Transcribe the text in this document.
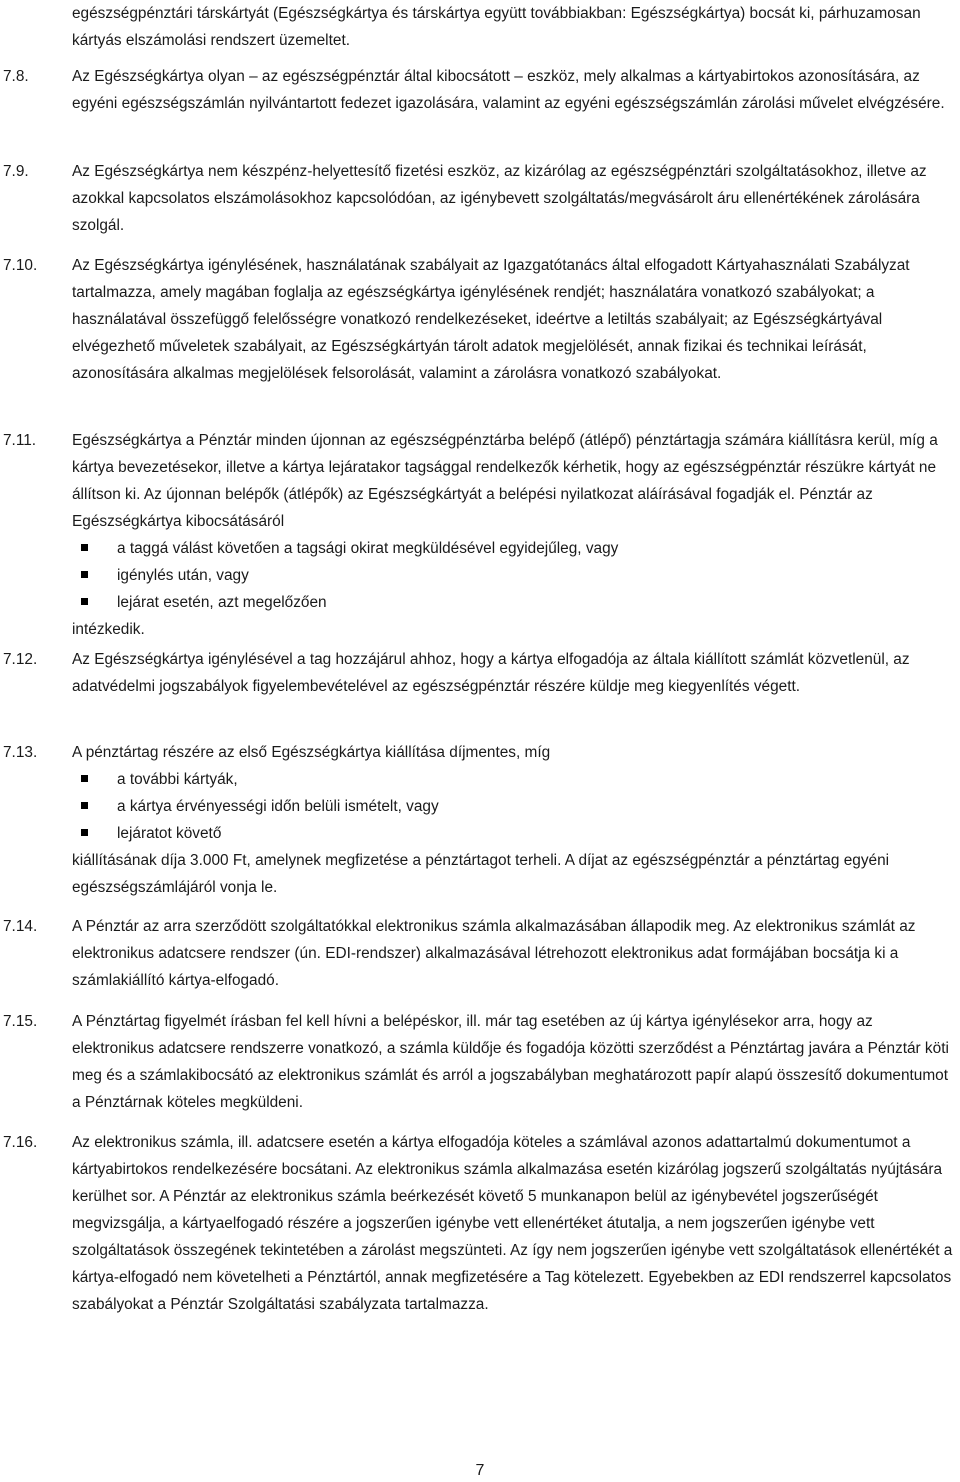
egészségpénztári társkártyát (Egészségkártya és társkártya együtt továbbiakban: Egészségkártya) bocsát ki, párhuzamosan kártyás elszámolási rendszert üzemeltet.
7.8.	Az Egészségkártya olyan – az egészségpénztár által kibocsátott – eszköz, mely alkalmas a kártyabirtokos azonosítására, az egyéni egészségszámlán nyilvántartott fedezet igazolására, valamint az egyéni egészségszámlán zárolási művelet elvégzésére.
7.9.	Az Egészségkártya nem készpénz-helyettesítő fizetési eszköz, az kizárólag az egészségpénztári szolgáltatásokhoz, illetve az azokkal kapcsolatos elszámolásokhoz kapcsolódóan, az igénybevett szolgáltatás/megvásárolt áru ellenértékének zárolására szolgál.
7.10.	Az Egészségkártya igénylésének, használatának szabályait az Igazgatótanács által elfogadott Kártyahasználati Szabályzat tartalmazza, amely magában foglalja az egészségkártya igénylésének rendjét; használatára vonatkozó szabályokat; a használatával összefüggő felelősségre vonatkozó rendelkezéseket, ideértve a letiltás szabályait; az Egészségkártyával elvégezhető műveletek szabályait, az Egészségkártyán tárolt adatok megjelölését, annak fizikai és technikai leírását, azonosítására alkalmas megjelölések felsorolását, valamint a zárolásra vonatkozó szabályokat.
7.11.	Egészségkártya a Pénztár minden újonnan az egészségpénztárba belépő (átlépő) pénztártagja számára kiállításra kerül, míg a kártya bevezetésekor, illetve a kártya lejáratakor tagsággal rendelkezők kérhetik, hogy az egészségpénztár részükre kártyát ne állítson ki. Az újonnan belépők (átlépők) az Egészségkártyát a belépési nyilatkozat aláírásával fogadják el. Pénztár az Egészségkártya kibocsátásáról
a taggá válást követően a tagsági okirat megküldésével egyidejűleg, vagy
igénylés után, vagy
lejárat esetén, azt megelőzően
intézkedik.
7.12.	Az Egészségkártya igénylésével a tag hozzájárul ahhoz, hogy a kártya elfogadója az általa kiállított számlát közvetlenül, az adatvédelmi jogszabályok figyelembevételével az egészségpénztár részére küldje meg kiegyenlítés végett.
7.13.	A pénztártag részére az első Egészségkártya kiállítása díjmentes, míg
a további kártyák,
a kártya érvényességi időn belüli ismételt, vagy
lejáratot követő
kiállításának díja 3.000 Ft, amelynek megfizetése a pénztártagot terheli. A díjat az egészségpénztár a pénztártag egyéni egészségszámlájáról vonja le.
7.14.	A Pénztár az arra szerződött szolgáltatókkal elektronikus számla alkalmazásában állapodik meg. Az elektronikus számlát az elektronikus adatcsere rendszer (ún. EDI-rendszer) alkalmazásával létrehozott elektronikus adat formájában bocsátja ki a számlakiállító kártya-elfogadó.
7.15.	A Pénztártag figyelmét írásban fel kell hívni a belépéskor, ill. már tag esetében az új kártya igénylésekor arra, hogy az elektronikus adatcsere rendszerre vonatkozó, a számla küldője és fogadója közötti szerződést a Pénztártag javára a Pénztár köti meg és a számlakibocsátó az elektronikus számlát és arról a jogszabályban meghatározott papír alapú összesítő dokumentumot a Pénztárnak köteles megküldeni.
7.16.	Az elektronikus számla, ill. adatcsere esetén a kártya elfogadója köteles a számlával azonos adattartalmú dokumentumot a kártyabirtokos rendelkezésére bocsátani. Az elektronikus számla alkalmazása esetén kizárólag jogszerű szolgáltatás nyújtására kerülhet sor. A Pénztár az elektronikus számla beérkezését követő 5 munkanapon belül az igénybevétel jogszerűségét megvizsgálja, a kártyaelfogadó részére a jogszerűen igénybe vett ellenértéket átutalja, a nem jogszerűen igénybe vett szolgáltatások összegének tekintetében a zárolást megszünteti. Az így nem jogszerűen igénybe vett szolgáltatások ellenértékét a kártya-elfogadó nem követelheti a Pénztártól, annak megfizetésére a Tag kötelezett. Egyebekben az EDI rendszerrel kapcsolatos szabályokat a Pénztár Szolgáltatási szabályzata tartalmazza.
7
